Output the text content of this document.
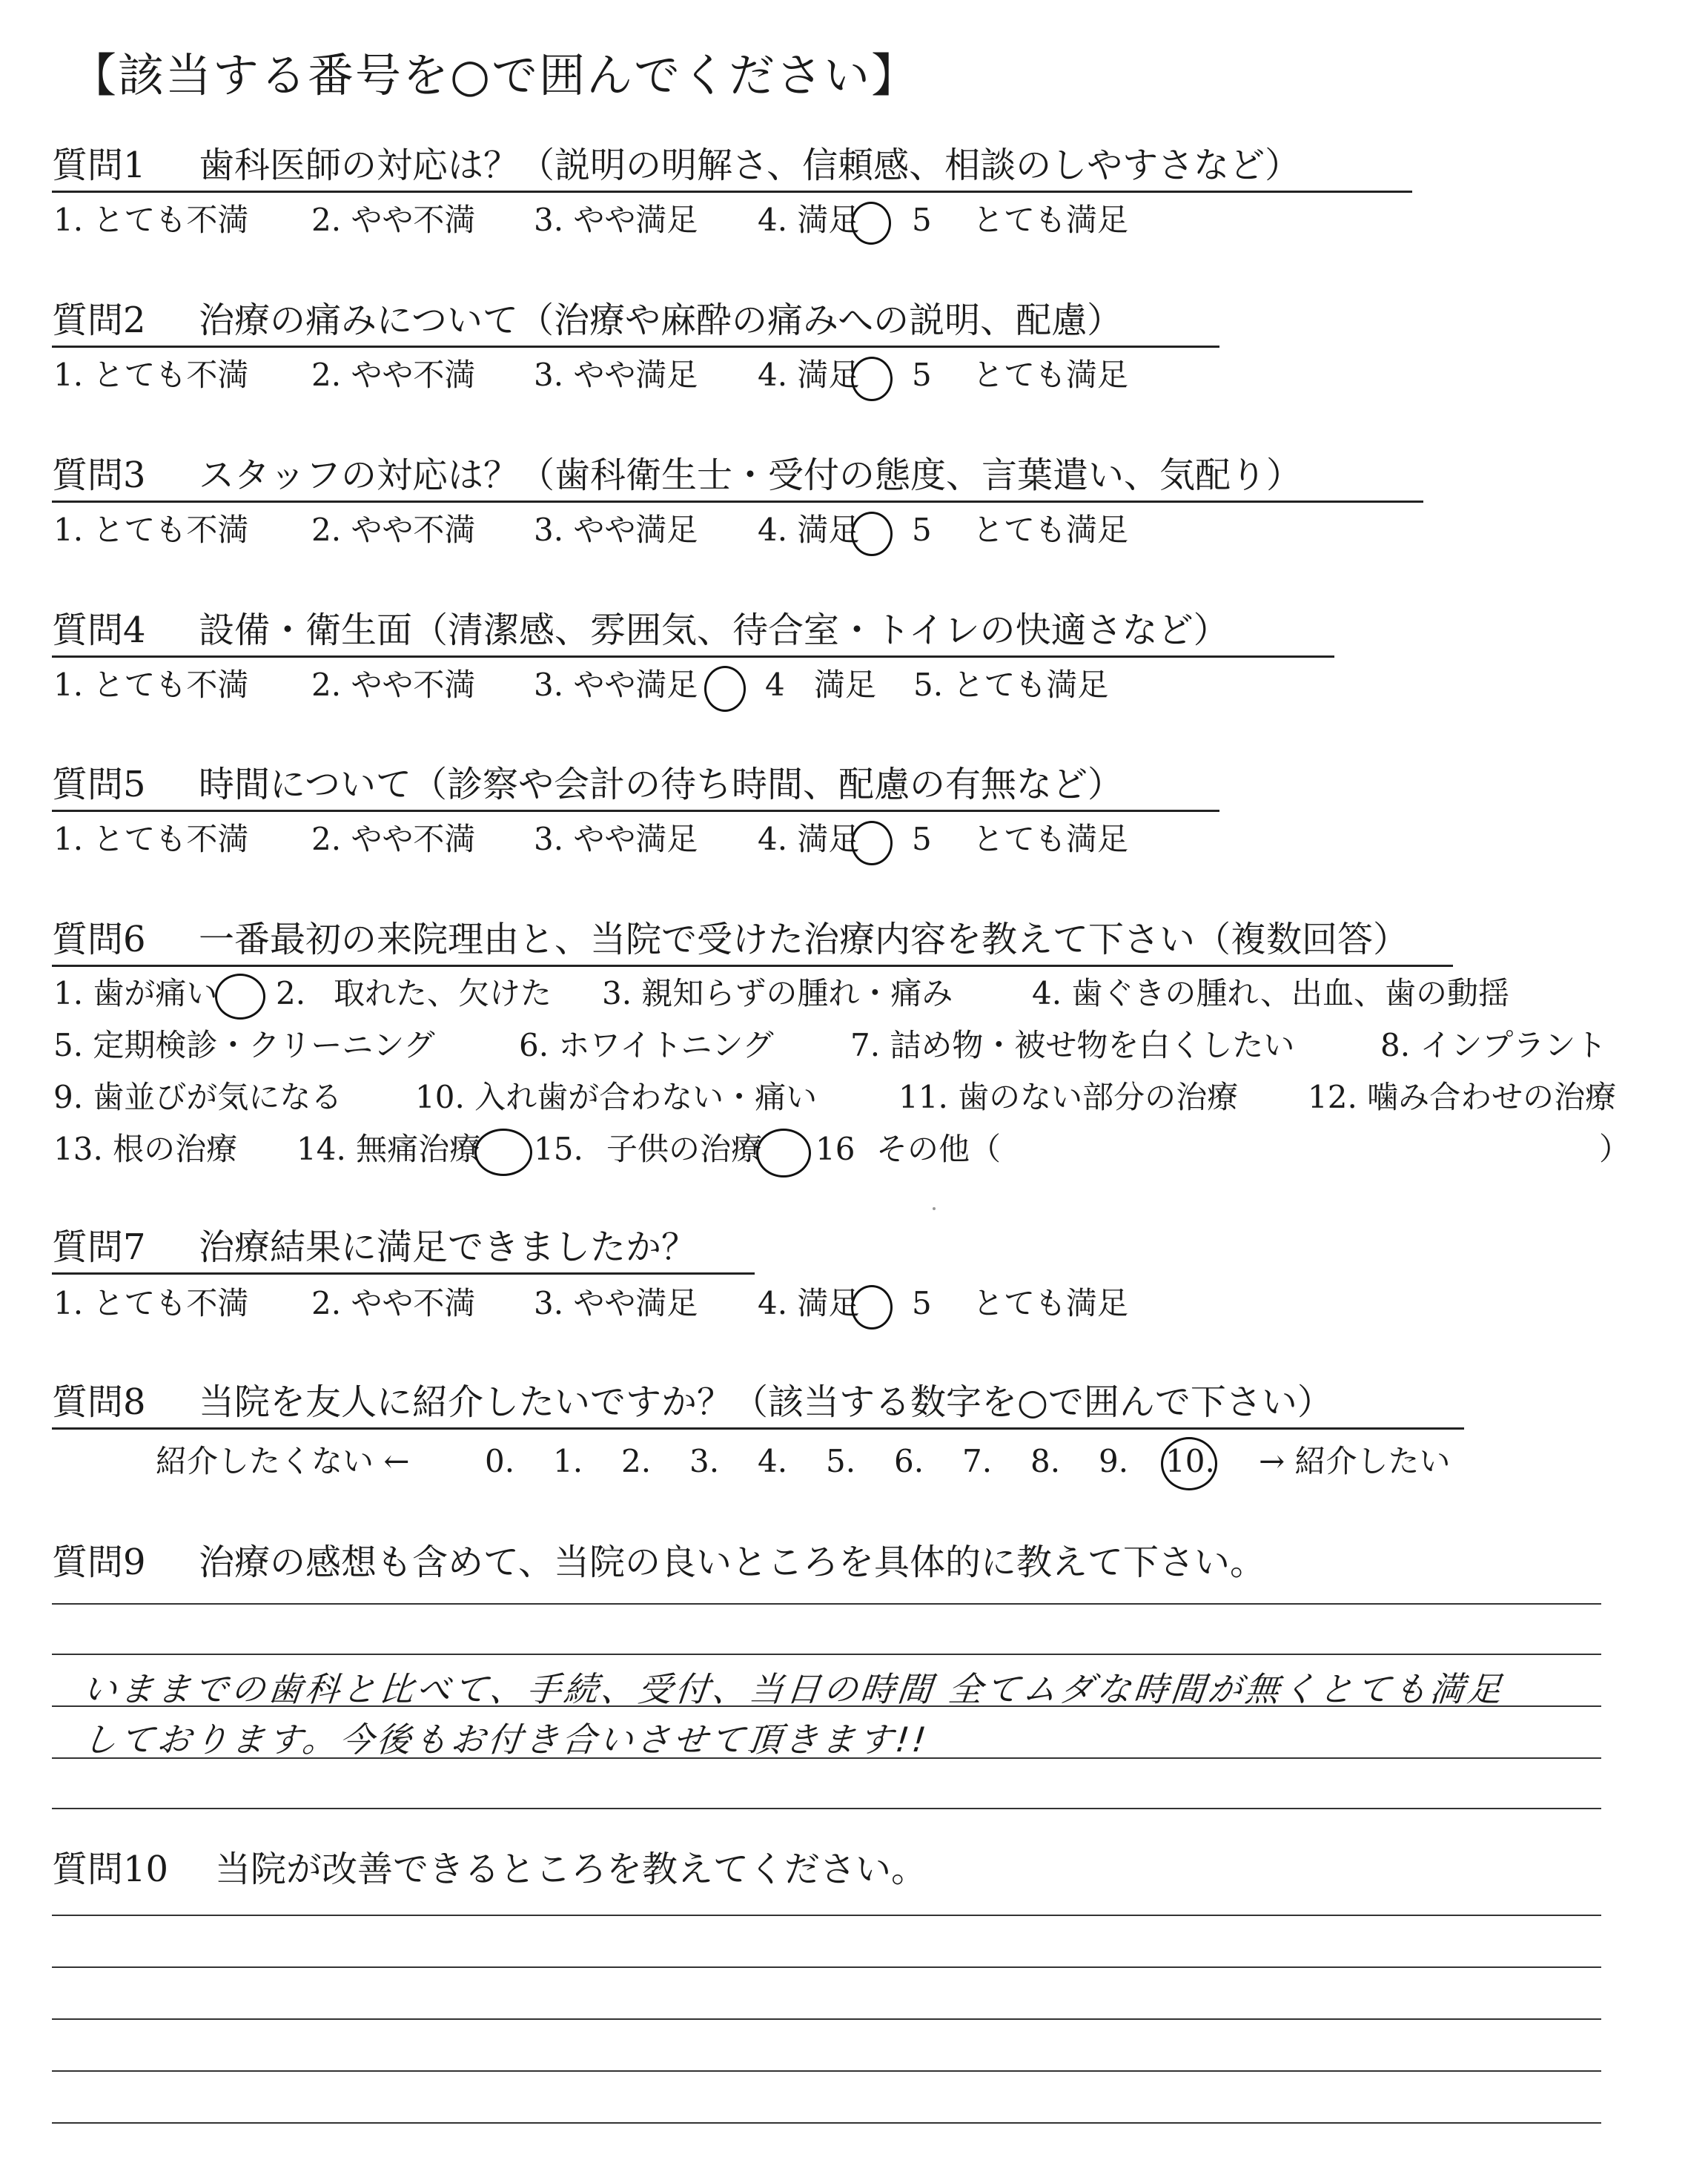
【該当する番号を○で囲んでください】
質問1 歯科医師の対応は？（説明の明解さ、信頼感、相談のしやすさなど）
1. とても不満 2. やや不満 3. やや満足 4. 満足 5 とても満足
質問2 治療の痛みについて（治療や麻酔の痛みへの説明、配慮）
1. とても不満 2. やや不満 3. やや満足 4. 満足 5 とても満足
質問3 スタッフの対応は？（歯科衛生士・受付の態度、言葉遣い、気配り）
1. とても不満 2. やや不満 3. やや満足 4. 満足 5 とても満足
質問4 設備・衛生面（清潔感、雰囲気、待合室・トイレの快適さなど）
1. とても不満 2. やや不満 3. やや満足 4 満足 5. とても満足
質問5 時間について（診察や会計の待ち時間、配慮の有無など）
1. とても不満 2. やや不満 3. やや満足 4. 満足 5 とても満足
質問6 一番最初の来院理由と、当院で受けた治療内容を教えて下さい（複数回答）
1. 歯が痛い 2. 取れた、欠けた 3. 親知らずの腫れ・痛み	4. 歯ぐきの腫れ、出血、歯の動揺
5. 定期検診・クリーニング	6. ホワイトニング 7. 詰め物・被せ物を白くしたい	8. インプラント
9. 歯並びが気になる 10. 入れ歯が合わない・痛い	11. 歯のない部分の治療 12. 噛み合わせの治療
13. 根の治療 14. 無痛治療 15. 子供の治療 16 その他（	）
質問7 治療結果に満足できましたか？
1. とても不満 2. やや不満 3. やや満足 4. 満足 5 とても満足
質問8 当院を友人に紹介したいですか？（該当する数字を○で囲んで下さい）
紹介したくない ← 0. 1. 2. 3. 4. 5. 6. 7. 8. 9. 10. → 紹介したい
質問9 治療の感想も含めて、当院の良いところを具体的に教えて下さい。
いままでの歯科と比べて、手続、受付、当日の時間 全てムダな時間が無くとても満足
しております。今後もお付き合いさせて頂きます!!
質問10 当院が改善できるところを教えてください。
